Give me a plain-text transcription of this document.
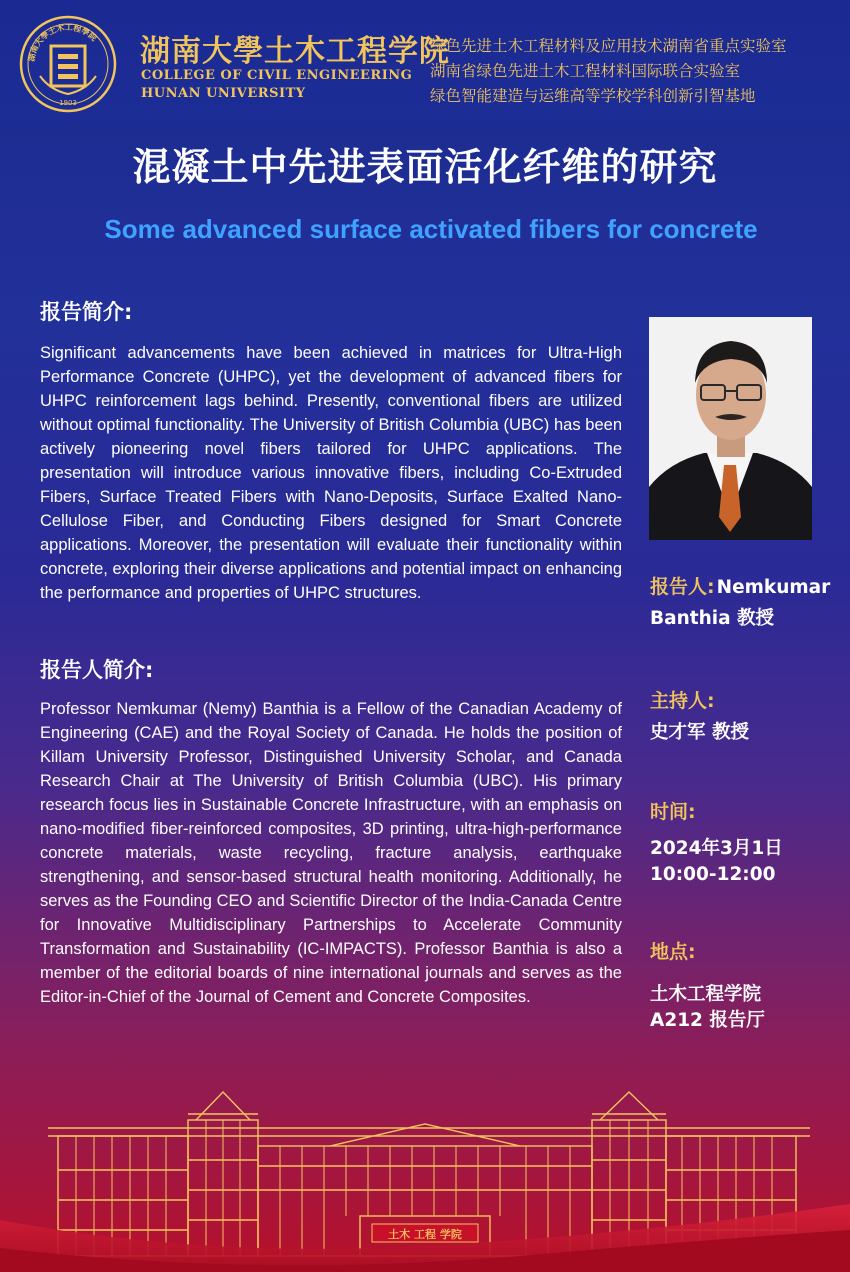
湖南大學土木工程學院
1903
湖南大學土木工程学院
COLLEGE OF CIVIL ENGINEERING
HUNAN UNIVERSITY
绿色先进土木工程材料及应用技术湖南省重点实验室
湖南省绿色先进土木工程材料国际联合实验室
绿色智能建造与运维高等学校学科创新引智基地
混凝土中先进表面活化纤维的研究
Some advanced surface activated fibers for concrete
报告简介:
Significant advancements have been achieved in matrices for Ultra-High Performance Concrete (UHPC), yet the development of advanced fibers for UHPC reinforcement lags behind. Presently, conventional fibers are utilized without optimal functionality. The University of British Columbia (UBC) has been actively pioneering novel fibers tailored for UHPC applications. The presentation will introduce various innovative fibers, including Co-Extruded Fibers, Surface Treated Fibers with Nano-Deposits, Surface Exalted Nano-Cellulose Fiber, and Conducting Fibers designed for Smart Concrete applications. Moreover, the presentation will evaluate their functionality within concrete, exploring their diverse applications and potential impact on enhancing the performance and properties of UHPC structures.
报告人简介:
Professor Nemkumar (Nemy) Banthia is a Fellow of the Canadian Academy of Engineering (CAE) and the Royal Society of Canada. He holds the position of Killam University Professor, Distinguished University Scholar, and Canada Research Chair at The University of British Columbia (UBC). His primary research focus lies in Sustainable Concrete Infrastructure, with an emphasis on nano-modified fiber-reinforced composites, 3D printing, ultra-high-performance concrete materials, waste recycling, fracture analysis, earthquake strengthening, and sensor-based structural health monitoring. Additionally, he serves as the Founding CEO and Scientific Director of the India-Canada Centre for Innovative Multidisciplinary Partnerships to Accelerate Community Transformation and Sustainability (IC-IMPACTS). Professor Banthia is also a member of the editorial boards of nine international journals and serves as the Editor-in-Chief of the Journal of Cement and Concrete Composites.
报告人: Nemkumar
Banthia 教授
主持人:
史才军 教授
时间:
2024年3月1日
10:00-12:00
地点:
土木工程学院
A212 报告厅
土木 工程 学院
